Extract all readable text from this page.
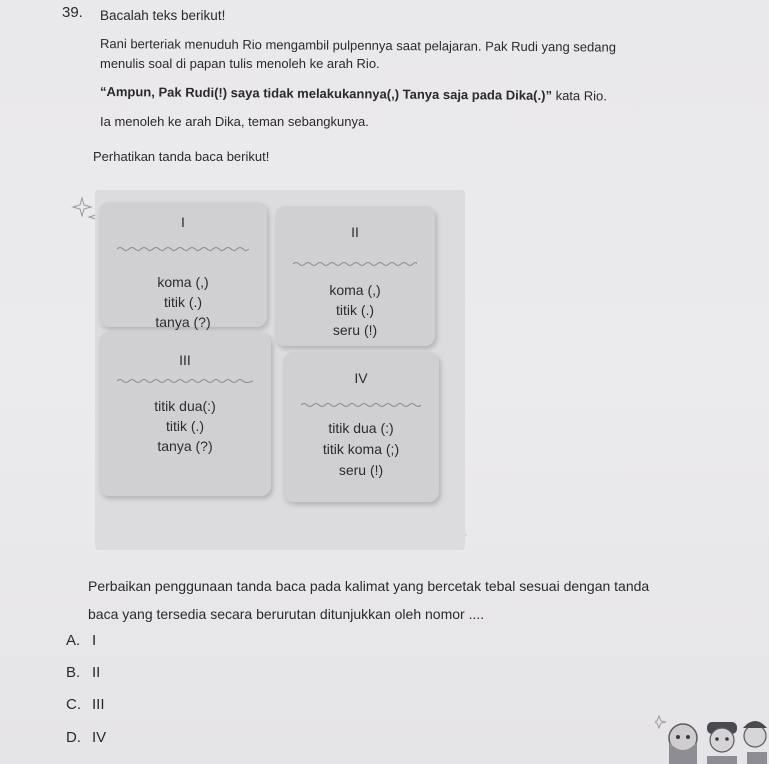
39. Bacalah teks berikut!
Rani berteriak menuduh Rio mengambil pulpennya saat pelajaran. Pak Rudi yang sedang
menulis soal di papan tulis menoleh ke arah Rio.
“Ampun, Pak Rudi(!) saya tidak melakukannya(,) Tanya saja pada Dika(.)” kata Rio.
Ia menoleh ke arah Dika, teman sebangkunya.
Perhatikan tanda baca berikut!
I
koma (,)
titik (.)
tanya (?)
II
koma (,)
titik (.)
seru (!)
III
titik dua(:)
titik (.)
tanya (?)
IV
titik dua (:)
titik koma (;)
seru (!)
Perbaikan penggunaan tanda baca pada kalimat yang bercetak tebal sesuai dengan tanda
baca yang tersedia secara berurutan ditunjukkan oleh nomor ....
A. I
B. II
C. III
D. IV
